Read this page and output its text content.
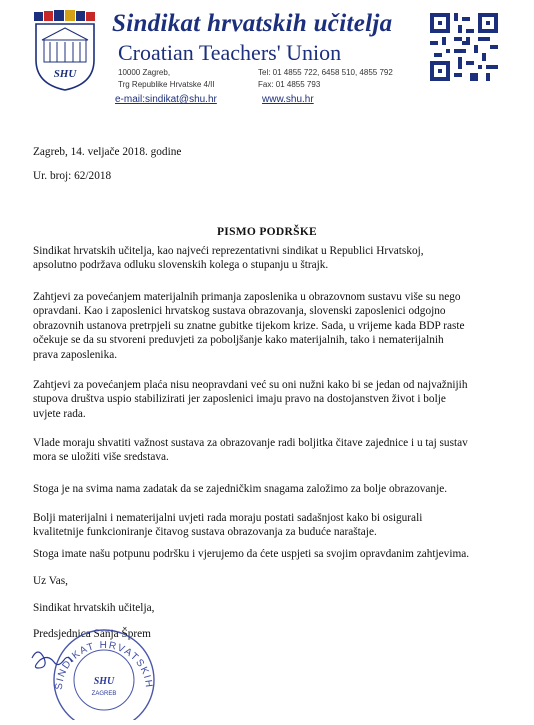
SHU
Sindikat hrvatskih učitelja
Croatian Teachers' Union
10000 Zagreb,
Trg Republike Hrvatske 4/II
Tel: 01 4855 722, 6458 510, 4855 792
Fax: 01 4855 793
e-mail:sindikat@shu.hr	www.shu.hr
Zagreb, 14. veljače 2018. godine
Ur. broj: 62/2018
PISMO PODRŠKE
Sindikat hrvatskih učitelja, kao najveći reprezentativni sindikat u Republici Hrvatskoj,
apsolutno podržava odluku slovenskih kolega o stupanju u štrajk.
Zahtjevi za povećanjem materijalnih primanja zaposlenika u obrazovnom sustavu više su nego
opravdani. Kao i zaposlenici hrvatskog sustava obrazovanja, slovenski zaposlenici odgojno
obrazovnih ustanova pretrpjeli su znatne gubitke tijekom krize. Sada, u vrijeme kada BDP raste
očekuje se da su stvoreni preduvjeti za poboljšanje kako materijalnih, tako i nematerijalnih
prava zaposlenika.
Zahtjevi za povećanjem plaća nisu neopravdani već su oni nužni kako bi se jedan od najvažnijih
stupova društva uspio stabilizirati jer zaposlenici imaju pravo na dostojanstven život i bolje
uvjete rada.
Vlade moraju shvatiti važnost sustava za obrazovanje radi boljitka čitave zajednice i u taj sustav
mora se uložiti više sredstava.
Stoga je na svima nama zadatak da se zajedničkim snagama založimo za bolje obrazovanje.
Bolji materijalni i nematerijalni uvjeti rada moraju postati sadašnjost kako bi osigurali
kvalitetnije funkcioniranje čitavog sustava obrazovanja za buduće naraštaje.
Stoga imate našu potpunu podršku i vjerujemo da ćete uspjeti sa svojim opravdanim zahtjevima.
Uz Vas,
Sindikat hrvatskih učitelja,
Predsjednica Sanja Šprem
SINDIKAT HRVATSKIH
SHU
ZAGREB
